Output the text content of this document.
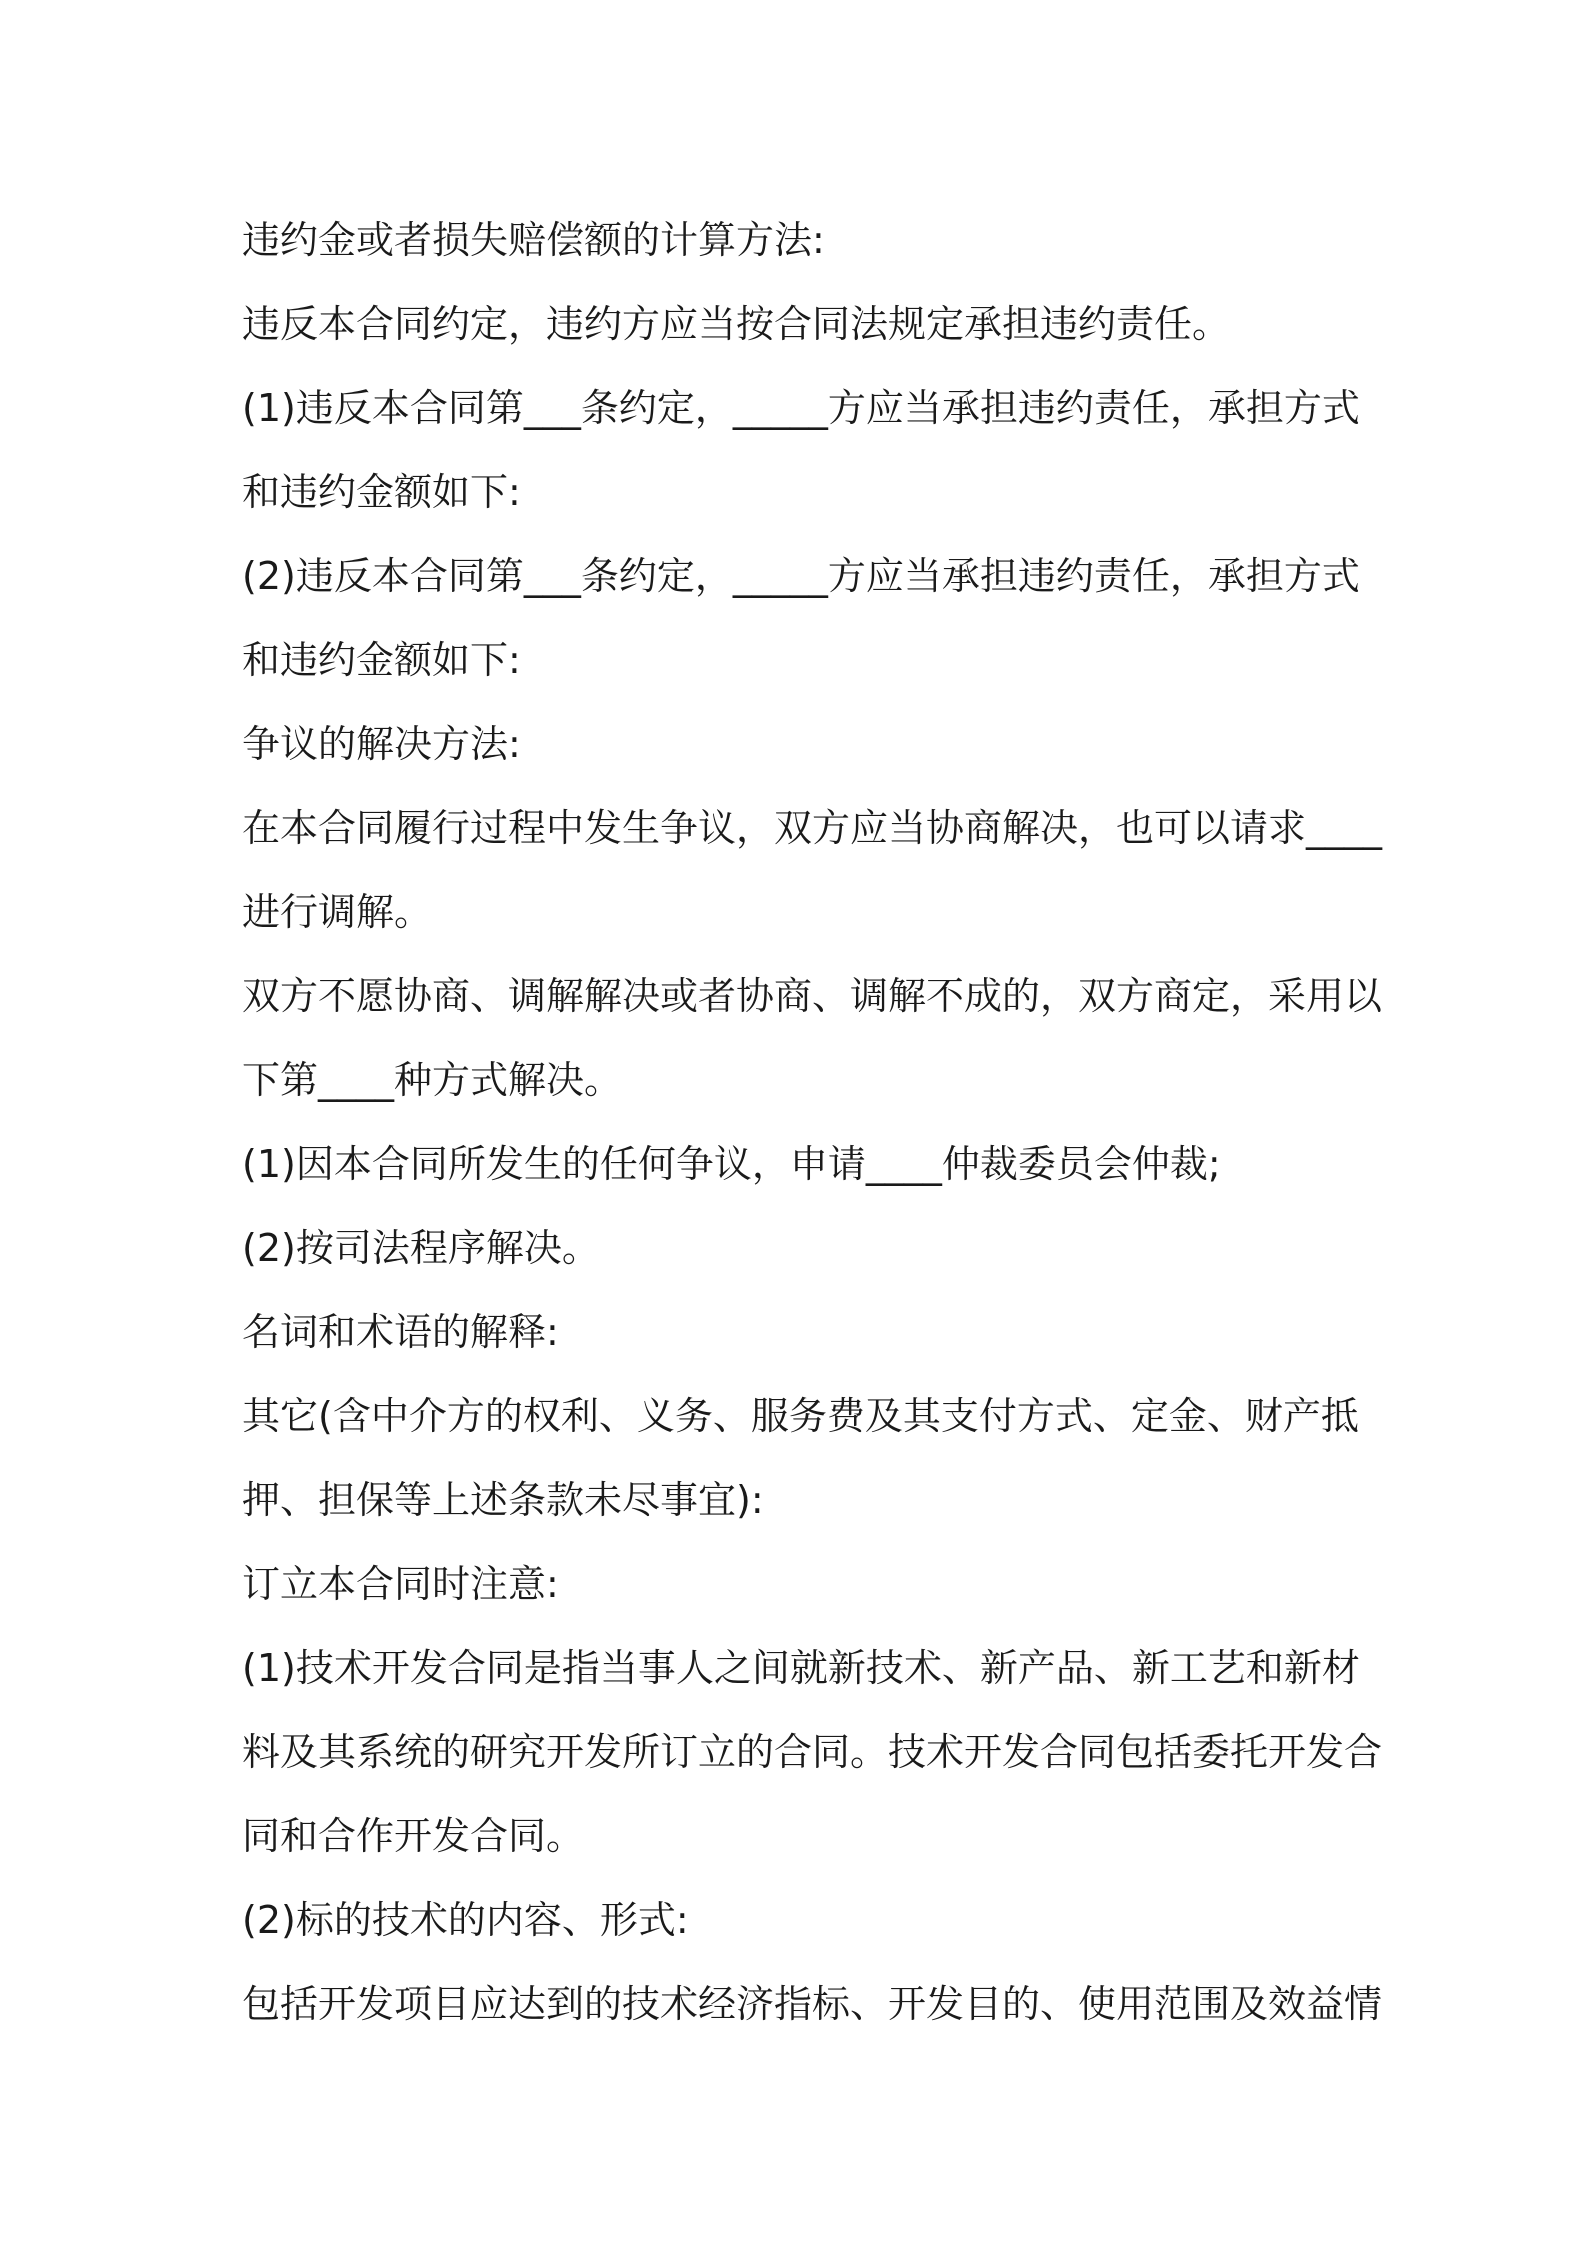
违约金或者损失赔偿额的计算方法:
违反本合同约定，违约方应当按合同法规定承担违约责任。
(1)违反本合同第___条约定，_____方应当承担违约责任，承担方式
和违约金额如下:
(2)违反本合同第___条约定，_____方应当承担违约责任，承担方式
和违约金额如下:
争议的解决方法:
在本合同履行过程中发生争议，双方应当协商解决，也可以请求____
进行调解。
双方不愿协商、调解解决或者协商、调解不成的，双方商定，采用以
下第____种方式解决。
(1)因本合同所发生的任何争议，申请____仲裁委员会仲裁;
(2)按司法程序解决。
名词和术语的解释:
其它(含中介方的权利、义务、服务费及其支付方式、定金、财产抵
押、担保等上述条款未尽事宜):
订立本合同时注意:
(1)技术开发合同是指当事人之间就新技术、新产品、新工艺和新材
料及其系统的研究开发所订立的合同。技术开发合同包括委托开发合
同和合作开发合同。
(2)标的技术的内容、形式:
包括开发项目应达到的技术经济指标、开发目的、使用范围及效益情
